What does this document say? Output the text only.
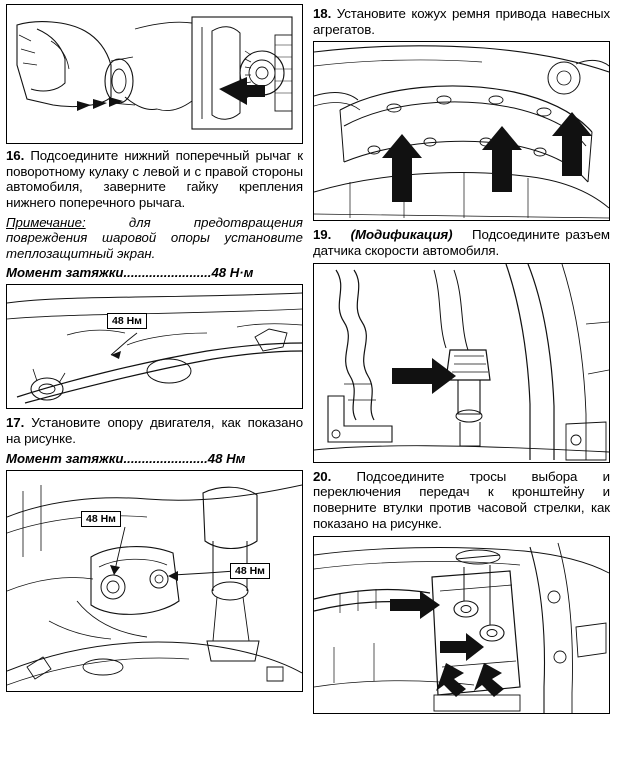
16. Подсоедините нижний поперечный рычаг к поворотному кулаку с левой и с правой стороны автомобиля, заверните гайку крепления нижнего поперечного рычага.
Примечание:	для предотвращения повреждения шаровой опоры установите теплозащитный экран.
Момент затяжки........................48 Н·м
48 Нм
17. Установите опору двигателя, как показано на рисунке.
Момент затяжки.......................48 Нм
48 Нм
48 Нм
18. Установите кожух ремня привода навесных агрегатов.
19. (Модификация) Подсоедините разъем датчика скорости автомобиля.
20. Подсоедините тросы выбора и переключения передач к кронштейну и поверните втулки против часовой стрелки, как показано на рисунке.
